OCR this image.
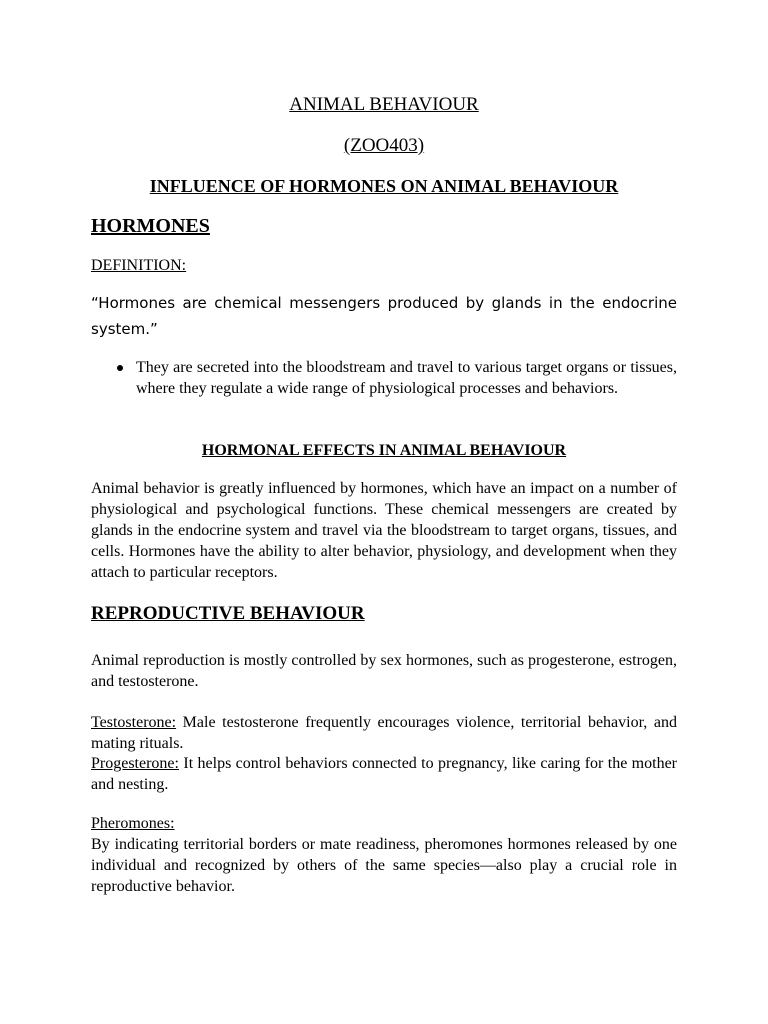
ANIMAL BEHAVIOUR

(ZOO403)

INFLUENCE OF HORMONES ON ANIMAL BEHAVIOUR

HORMONES

DEFINITION:

“Hormones are chemical messengers produced by glands in the endocrine system.”

They are secreted into the bloodstream and travel to various target organs or tissues, where they regulate a wide range of physiological processes and behaviors.

HORMONAL EFFECTS IN ANIMAL BEHAVIOUR

Animal behavior is greatly influenced by hormones, which have an impact on a number of physiological and psychological functions. These chemical messengers are created by glands in the endocrine system and travel via the bloodstream to target organs, tissues, and cells. Hormones have the ability to alter behavior, physiology, and development when they attach to particular receptors.

REPRODUCTIVE BEHAVIOUR

Animal reproduction is mostly controlled by sex hormones, such as progesterone, estrogen, and testosterone.

Testosterone: Male testosterone frequently encourages violence, territorial behavior, and mating rituals.

Progesterone: It helps control behaviors connected to pregnancy, like caring for the mother and nesting.

Pheromones:

By indicating territorial borders or mate readiness, pheromones hormones released by one individual and recognized by others of the same species—also play a crucial role in reproductive behavior.
